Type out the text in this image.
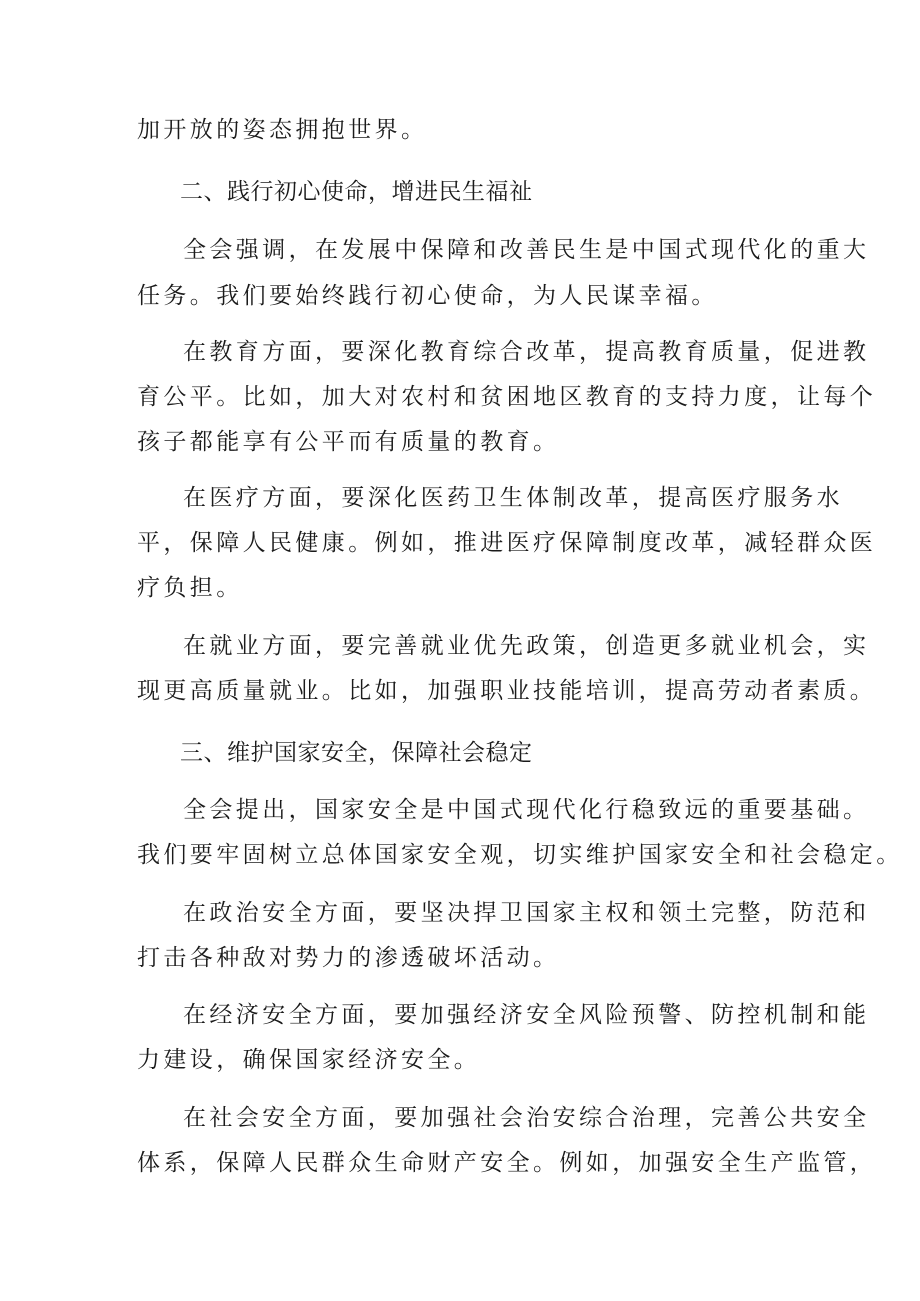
加开放的姿态拥抱世界。
二、践行初心使命，增进民生福祉
全会强调，在发展中保障和改善民生是中国式现代化的重大
任务。我们要始终践行初心使命，为人民谋幸福。
在教育方面，要深化教育综合改革，提高教育质量，促进教
育公平。比如，加大对农村和贫困地区教育的支持力度，让每个
孩子都能享有公平而有质量的教育。
在医疗方面，要深化医药卫生体制改革，提高医疗服务水
平，保障人民健康。例如，推进医疗保障制度改革，减轻群众医
疗负担。
在就业方面，要完善就业优先政策，创造更多就业机会，实
现更高质量就业。比如，加强职业技能培训，提高劳动者素质。
三、维护国家安全，保障社会稳定
全会提出，国家安全是中国式现代化行稳致远的重要基础。
我们要牢固树立总体国家安全观，切实维护国家安全和社会稳定。
在政治安全方面，要坚决捍卫国家主权和领土完整，防范和
打击各种敌对势力的渗透破坏活动。
在经济安全方面，要加强经济安全风险预警、防控机制和能
力建设，确保国家经济安全。
在社会安全方面，要加强社会治安综合治理，完善公共安全
体系，保障人民群众生命财产安全。例如，加强安全生产监管，
